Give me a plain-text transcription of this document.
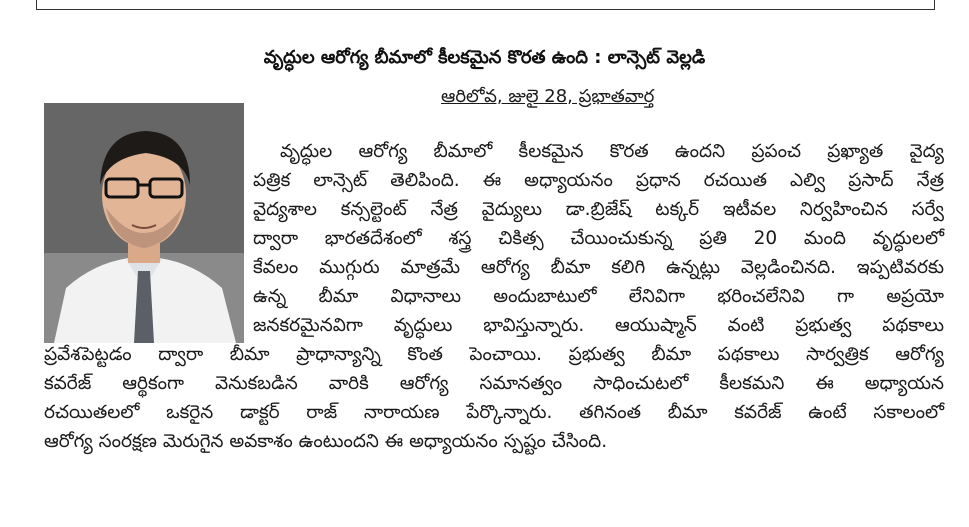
వృద్ధుల ఆరోగ్య బీమాలో కీలకమైన కొరత ఉంది : లాన్సెట్ వెల్లడి
ఆరిలోవ, జులై 28, ప్రభాతవార్త
వృద్ధుల ఆరోగ్య బీమాలో కీలకమైన కొరత ఉందని ప్రపంచ ప్రఖ్యాత వైద్య
పత్రిక లాన్సెట్ తెలిపింది. ఈ అధ్యాయనం ప్రధాన రచయిత ఎల్వి ప్రసాద్ నేత్ర
వైద్యశాల కన్సల్టెంట్ నేత్ర వైద్యులు డా.బ్రిజేష్ టక్కర్ ఇటీవల నిర్వహించిన సర్వే
ద్వారా భారతదేశంలో శస్త్ర చికిత్స చేయించుకున్న ప్రతి 20 మంది వృద్ధులలో
కేవలం ముగ్గురు మాత్రమే ఆరోగ్య బీమా కలిగి ఉన్నట్లు వెల్లడించినది. ఇప్పటివరకు
ఉన్న బీమా విధానాలు అందుబాటులో లేనివిగా భరించలేనివి గా అప్రయో
జనకరమైనవిగా వృద్ధులు భావిస్తున్నారు. ఆయుష్మాన్ వంటి ప్రభుత్వ పథకాలు
ప్రవేశపెట్టడం ద్వారా బీమా ప్రాధాన్యాన్ని కొంత పెంచాయి. ప్రభుత్వ బీమా పథకాలు సార్వత్రిక ఆరోగ్య
కవరేజ్ ఆర్థికంగా వెనుకబడిన వారికి ఆరోగ్య సమానత్వం సాధించుటలో కీలకమని ఈ అధ్యాయన
రచయితలలో ఒకరైన డాక్టర్ రాజ్ నారాయణ పేర్కొన్నారు. తగినంత బీమా కవరేజ్ ఉంటే సకాలంలో
ఆరోగ్య సంరక్షణ మెరుగైన అవకాశం ఉంటుందని ఈ అధ్యాయనం స్పష్టం చేసింది.
